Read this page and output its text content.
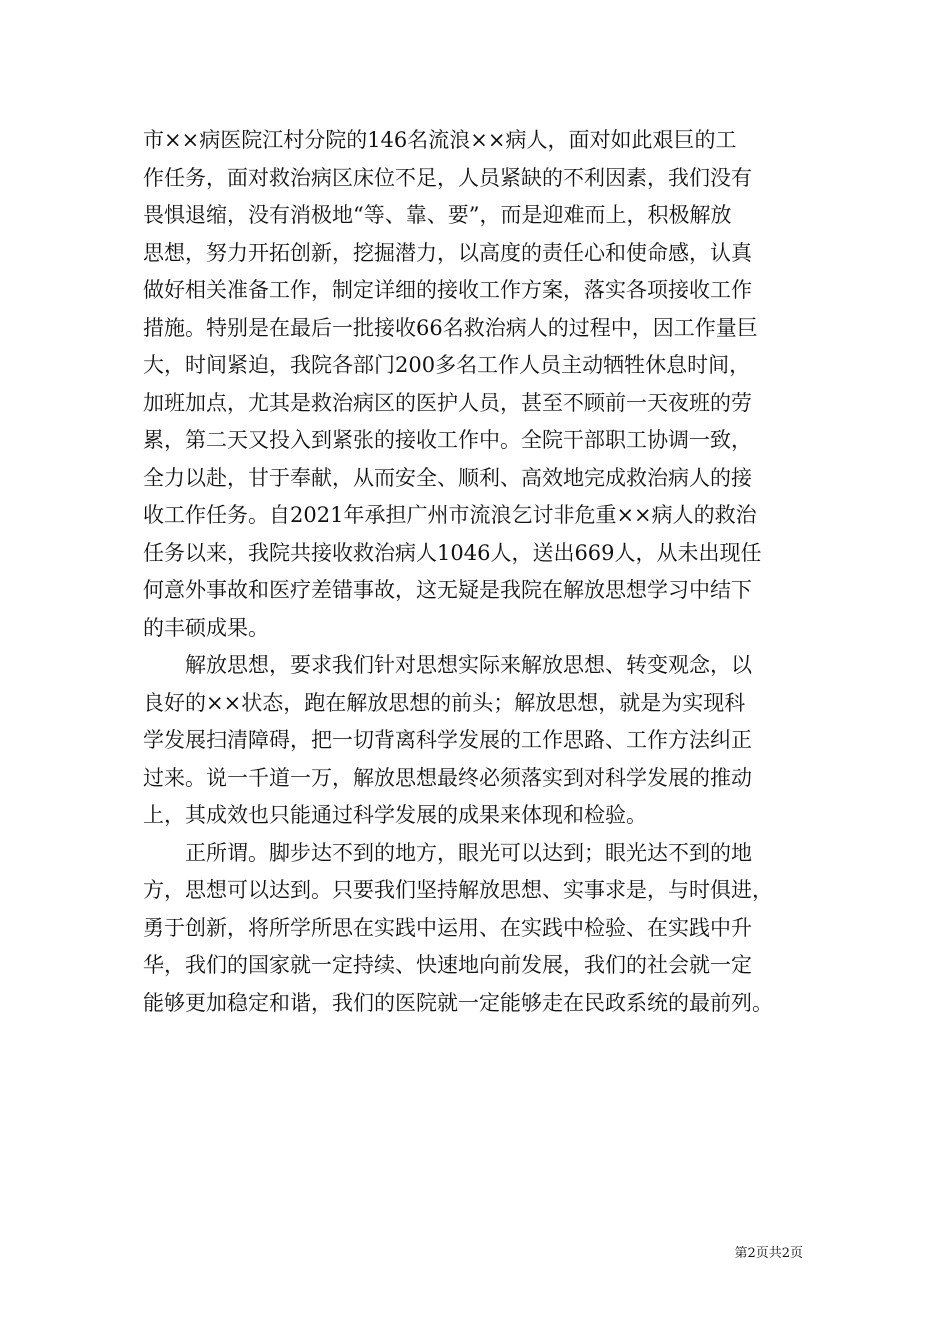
市××病医院江村分院的146名流浪××病人，面对如此艰巨的工
作任务，面对救治病区床位不足，人员紧缺的不利因素，我们没有
畏惧退缩，没有消极地“等、靠、要”，而是迎难而上，积极解放
思想，努力开拓创新，挖掘潜力，以高度的责任心和使命感，认真
做好相关准备工作，制定详细的接收工作方案，落实各项接收工作
措施。特别是在最后一批接收66名救治病人的过程中，因工作量巨
大，时间紧迫，我院各部门200多名工作人员主动牺牲休息时间，
加班加点，尤其是救治病区的医护人员，甚至不顾前一天夜班的劳
累，第二天又投入到紧张的接收工作中。全院干部职工协调一致，
全力以赴，甘于奉献，从而安全、顺利、高效地完成救治病人的接
收工作任务。自2021年承担广州市流浪乞讨非危重××病人的救治
任务以来，我院共接收救治病人1046人，送出669人，从未出现任
何意外事故和医疗差错事故，这无疑是我院在解放思想学习中结下
的丰硕成果。
解放思想，要求我们针对思想实际来解放思想、转变观念，以
良好的××状态，跑在解放思想的前头；解放思想，就是为实现科
学发展扫清障碍，把一切背离科学发展的工作思路、工作方法纠正
过来。说一千道一万，解放思想最终必须落实到对科学发展的推动
上，其成效也只能通过科学发展的成果来体现和检验。
正所谓。脚步达不到的地方，眼光可以达到；眼光达不到的地
方，思想可以达到。只要我们坚持解放思想、实事求是，与时俱进，
勇于创新，将所学所思在实践中运用、在实践中检验、在实践中升
华，我们的国家就一定持续、快速地向前发展，我们的社会就一定
能够更加稳定和谐，我们的医院就一定能够走在民政系统的最前列。
第2页共2页
